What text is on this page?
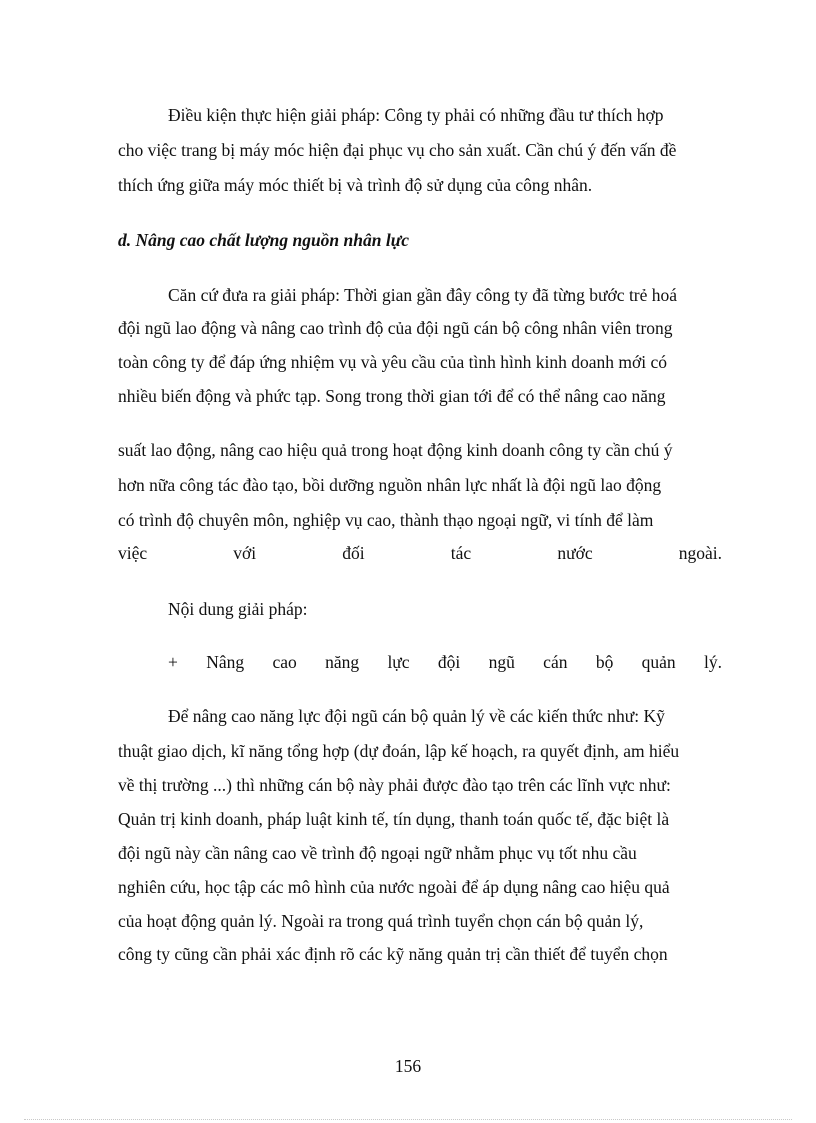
Điều kiện thực hiện giải pháp: Công ty phải có những đầu tư thích hợp
cho việc trang bị máy móc hiện đại phục vụ cho sản xuất. Cần chú ý đến vấn đề
thích ứng giữa máy móc thiết bị và trình độ sử dụng của công nhân.
d. Nâng cao chất lượng nguồn nhân lực
Căn cứ đưa ra giải pháp: Thời gian gần đây công ty đã từng bước trẻ hoá
đội ngũ lao động và nâng cao trình độ của đội ngũ cán bộ công nhân viên trong
toàn công ty để đáp ứng nhiệm vụ và yêu cầu của tình hình kinh doanh mới có
nhiều biến động và phức tạp. Song trong thời gian tới để có thể nâng cao năng
suất lao động, nâng cao hiệu quả trong hoạt động kinh doanh công ty cần chú ý
hơn nữa công tác đào tạo, bồi dưỡng nguồn nhân lực nhất là đội ngũ lao động
có trình độ chuyên môn, nghiệp vụ cao, thành thạo ngoại ngữ, vi tính để làm
việc với đối tác nước ngoài.
Nội dung giải pháp:
+ Nâng cao năng lực đội ngũ cán bộ quản lý.
Để nâng cao năng lực đội ngũ cán bộ quản lý về các kiến thức như: Kỹ
thuật giao dịch, kĩ năng tổng hợp (dự đoán, lập kế hoạch, ra quyết định, am hiểu
về thị trường ...) thì những cán bộ này phải được đào tạo trên các lĩnh vực như:
Quản trị kinh doanh, pháp luật kinh tế, tín dụng, thanh toán quốc tế, đặc biệt là
đội ngũ này cần nâng cao về trình độ ngoại ngữ nhằm phục vụ tốt nhu cầu
nghiên cứu, học tập các mô hình của nước ngoài để áp dụng nâng cao hiệu quả
của hoạt động quản lý. Ngoài ra trong quá trình tuyển chọn cán bộ quản lý,
công ty cũng cần phải xác định rõ các kỹ năng quản trị cần thiết để tuyển chọn
156
